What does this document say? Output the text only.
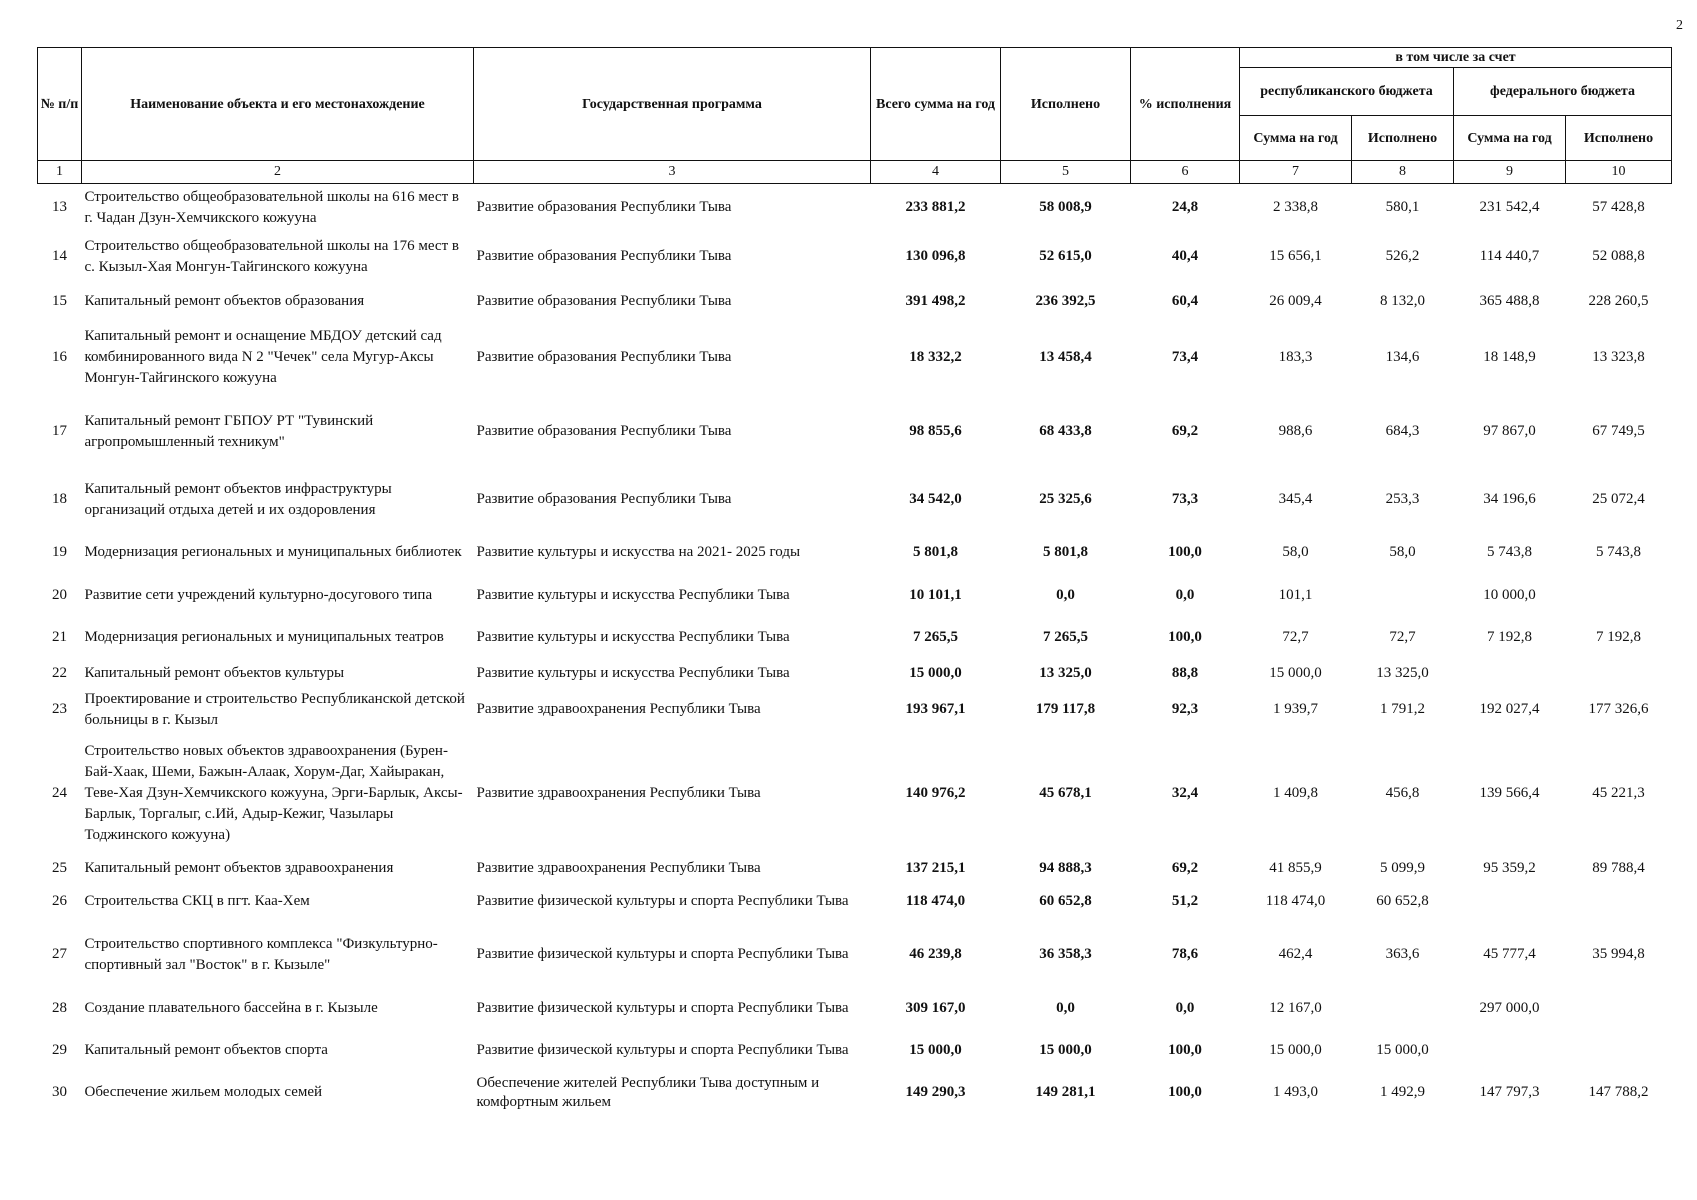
2
№ п/п	Наименование объекта и его местонахождение	Государственная программа	Всего сумма на год	Исполнено	% исполнения	в том числе за счет			
						республиканского бюджета		федерального бюджета	
						Сумма на год	Исполнено	Сумма на год	Исполнено
1	2	3	4	5	6	7	8	9	10
13	Строительство общеобразовательной школы на 616 мест в г. Чадан Дзун-Хемчикского кожууна	Развитие образования Республики Тыва	233 881,2	58 008,9	24,8	2 338,8	580,1	231 542,4	57 428,8
14	Строительство общеобразовательной школы на 176 мест в с. Кызыл-Хая Монгун-Тайгинского кожууна	Развитие образования Республики Тыва	130 096,8	52 615,0	40,4	15 656,1	526,2	114 440,7	52 088,8
15	Капитальный ремонт объектов образования	Развитие образования Республики Тыва	391 498,2	236 392,5	60,4	26 009,4	8 132,0	365 488,8	228 260,5
16	Капитальный ремонт и оснащение МБДОУ детский сад комбинированного вида N 2 "Чечек" села Мугур-Аксы Монгун-Тайгинского кожууна	Развитие образования Республики Тыва	18 332,2	13 458,4	73,4	183,3	134,6	18 148,9	13 323,8
17	Капитальный ремонт ГБПОУ РТ "Тувинский агропромышленный техникум"	Развитие образования Республики Тыва	98 855,6	68 433,8	69,2	988,6	684,3	97 867,0	67 749,5
18	Капитальный ремонт объектов инфраструктуры организаций отдыха детей и их оздоровления	Развитие образования Республики Тыва	34 542,0	25 325,6	73,3	345,4	253,3	34 196,6	25 072,4
19	Модернизация региональных и муниципальных библиотек	Развитие культуры и искусства на 2021- 2025 годы	5 801,8	5 801,8	100,0	58,0	58,0	5 743,8	5 743,8
20	Развитие сети учреждений культурно-досугового типа	Развитие культуры и искусства Республики Тыва	10 101,1	0,0	0,0	101,1		10 000,0	
21	Модернизация региональных и муниципальных театров	Развитие культуры и искусства Республики Тыва	7 265,5	7 265,5	100,0	72,7	72,7	7 192,8	7 192,8
22	Капитальный ремонт объектов культуры	Развитие культуры и искусства Республики Тыва	15 000,0	13 325,0	88,8	15 000,0	13 325,0		
23	Проектирование и строительство Республиканской детской больницы в г. Кызыл	Развитие здравоохранения Республики Тыва	193 967,1	179 117,8	92,3	1 939,7	1 791,2	192 027,4	177 326,6
24	Строительство новых объектов здравоохранения (Бурен-Бай-Хаак, Шеми, Бажын-Алаак, Хорум-Даг, Хайыракан, Теве-Хая Дзун-Хемчикского кожууна, Эрги-Барлык, Аксы-Барлык, Торгалыг, с.Ий, Адыр-Кежиг, Чазылары Тоджинского кожууна)	Развитие здравоохранения Республики Тыва	140 976,2	45 678,1	32,4	1 409,8	456,8	139 566,4	45 221,3
25	Капитальный ремонт объектов здравоохранения	Развитие здравоохранения Республики Тыва	137 215,1	94 888,3	69,2	41 855,9	5 099,9	95 359,2	89 788,4
26	Строительства СКЦ в пгт. Каа-Хем	Развитие физической культуры и спорта Республики Тыва	118 474,0	60 652,8	51,2	118 474,0	60 652,8		
27	Строительство спортивного комплекса "Физкультурно-спортивный зал "Восток" в г. Кызыле"	Развитие физической культуры и спорта Республики Тыва	46 239,8	36 358,3	78,6	462,4	363,6	45 777,4	35 994,8
28	Создание плавательного бассейна в г. Кызыле	Развитие физической культуры и спорта Республики Тыва	309 167,0	0,0	0,0	12 167,0		297 000,0	
29	Капитальный ремонт объектов спорта	Развитие физической культуры и спорта Республики Тыва	15 000,0	15 000,0	100,0	15 000,0	15 000,0		
30	Обеспечение жильем молодых семей	Обеспечение жителей Республики Тыва доступным и комфортным жильем	149 290,3	149 281,1	100,0	1 493,0	1 492,9	147 797,3	147 788,2
